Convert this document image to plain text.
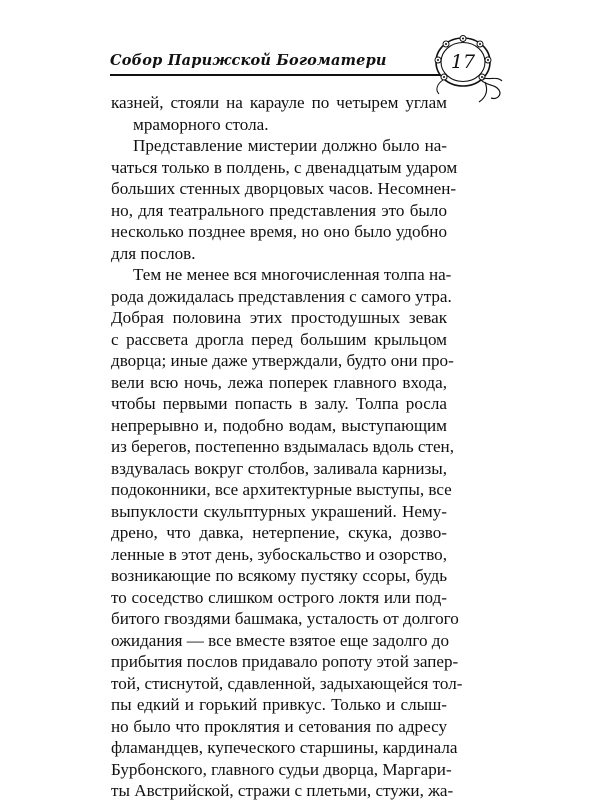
Собор Парижской Богоматери	17
казней, стояли на карауле по четырем углам
мраморного стола.
Представление мистерии должно было на-
чаться только в полдень, с двенадцатым ударом
больших стенных дворцовых часов. Несомнен-
но, для театрального представления это было
несколько позднее время, но оно было удобно
для послов.
Тем не менее вся многочисленная толпа на-
рода дожидалась представления с самого утра.
Добрая половина этих простодушных зевак
с рассвета дрогла перед большим крыльцом
дворца; иные даже утверждали, будто они про-
вели всю ночь, лежа поперек главного входа,
чтобы первыми попасть в залу. Толпа росла
непрерывно и, подобно водам, выступающим
из берегов, постепенно вздымалась вдоль стен,
вздувалась вокруг столбов, заливала карнизы,
подоконники, все архитектурные выступы, все
выпуклости скульптурных украшений. Нему-
дрено, что давка, нетерпение, скука, дозво-
ленные в этот день, зубоскальство и озорство,
возникающие по всякому пустяку ссоры, будь
то соседство слишком острого локтя или под-
битого гвоздями башмака, усталость от долгого
ожидания — все вместе взятое еще задолго до
прибытия послов придавало ропоту этой запер-
той, стиснутой, сдавленной, задыхающейся тол-
пы едкий и горький привкус. Только и слыш-
но было что проклятия и сетования по адресу
фламандцев, купеческого старшины, кардинала
Бурбонского, главного судьи дворца, Маргари-
ты Австрийской, стражи с плетьми, стужи, жа-
